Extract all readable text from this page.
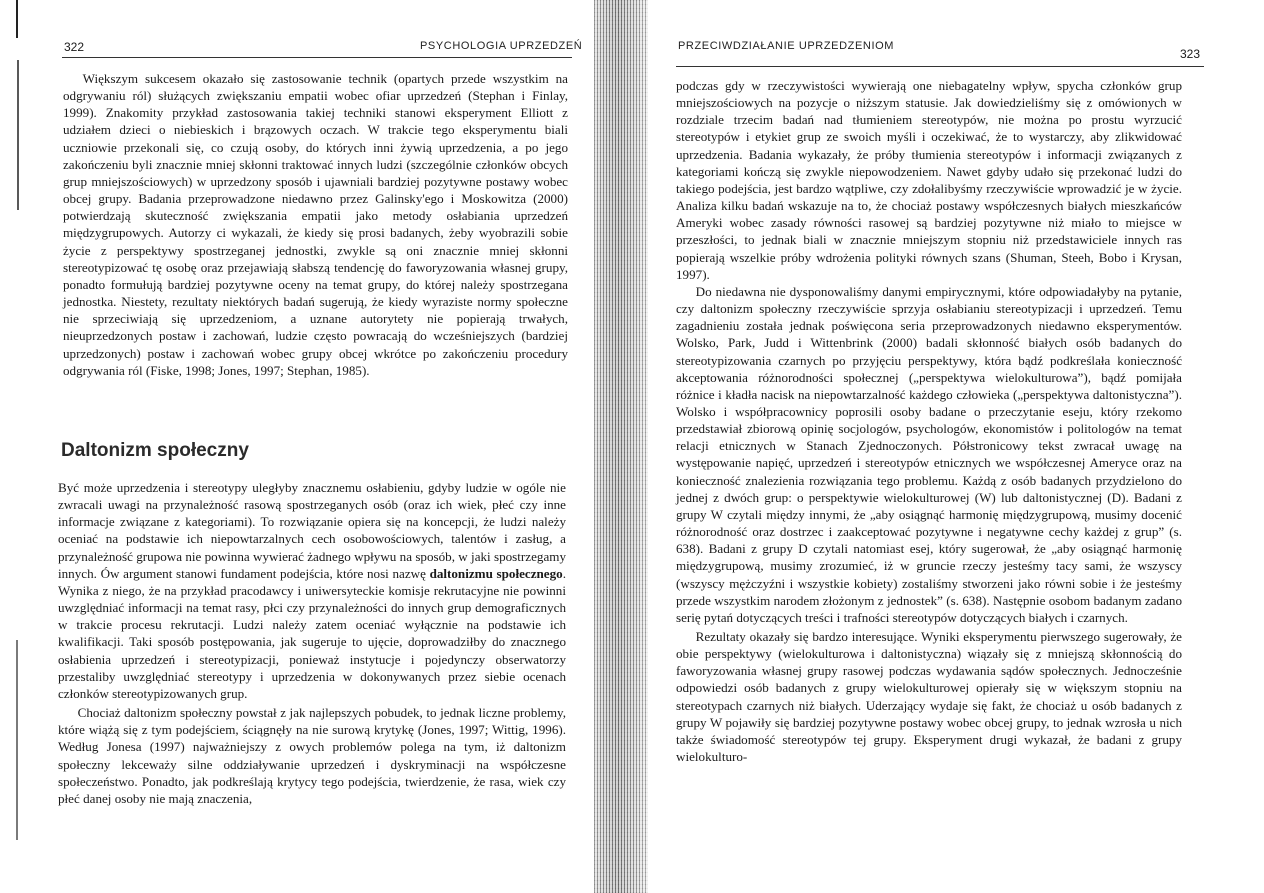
322	PSYCHOLOGIA UPRZEDZEŃ

Większym sukcesem okazało się zastosowanie technik (opartych przede wszystkim na odgrywaniu ról) służących zwiększaniu empatii wobec ofiar uprzedzeń (Stephan i Finlay, 1999). Znakomity przykład zastosowania takiej techniki stanowi eksperyment Elliott z udziałem dzieci o niebieskich i brązowych oczach. W trakcie tego eksperymentu biali uczniowie przekonali się, co czują osoby, do których inni żywią uprzedzenia, a po jego zakończeniu byli znacznie mniej skłonni traktować innych ludzi (szczególnie członków obcych grup mniejszościowych) w uprzedzony sposób i ujawniali bardziej pozytywne postawy wobec obcej grupy. Badania przeprowadzone niedawno przez Galinsky'ego i Moskowitza (2000) potwierdzają skuteczność zwiększania empatii jako metody osłabiania uprzedzeń międzygrupowych. Autorzy ci wykazali, że kiedy się prosi badanych, żeby wyobrazili sobie życie z perspektywy spostrzeganej jednostki, zwykle są oni znacznie mniej skłonni stereotypizować tę osobę oraz przejawiają słabszą tendencję do faworyzowania własnej grupy, ponadto formułują bardziej pozytywne oceny na temat grupy, do której należy spostrzegana jednostka. Niestety, rezultaty niektórych badań sugerują, że kiedy wyraziste normy społeczne nie sprzeciwiają się uprzedzeniom, a uznane autorytety nie popierają trwałych, nieuprzedzonych postaw i zachowań, ludzie często powracają do wcześniejszych (bardziej uprzedzonych) postaw i zachowań wobec grupy obcej wkrótce po zakończeniu procedury odgrywania ról (Fiske, 1998; Jones, 1997; Stephan, 1985).

Daltonizm społeczny

Być może uprzedzenia i stereotypy uległyby znacznemu osłabieniu, gdyby ludzie w ogóle nie zwracali uwagi na przynależność rasową spostrzeganych osób (oraz ich wiek, płeć czy inne informacje związane z kategoriami). To rozwiązanie opiera się na koncepcji, że ludzi należy oceniać na podstawie ich niepowtarzalnych cech osobowościowych, talentów i zasług, a przynależność grupowa nie powinna wywierać żadnego wpływu na sposób, w jaki spostrzegamy innych. Ów argument stanowi fundament podejścia, które nosi nazwę daltonizmu społecznego. Wynika z niego, że na przykład pracodawcy i uniwersyteckie komisje rekrutacyjne nie powinni uwzględniać informacji na temat rasy, płci czy przynależności do innych grup demograficznych w trakcie procesu rekrutacji. Ludzi należy zatem oceniać wyłącznie na podstawie ich kwalifikacji. Taki sposób postępowania, jak sugeruje to ujęcie, doprowadziłby do znacznego osłabienia uprzedzeń i stereotypizacji, ponieważ instytucje i pojedynczy obserwatorzy przestaliby uwzględniać stereotypy i uprzedzenia w dokonywanych przez siebie ocenach członków stereotypizowanych grup.

Chociaż daltonizm społeczny powstał z jak najlepszych pobudek, to jednak liczne problemy, które wiążą się z tym podejściem, ściągnęły na nie surową krytykę (Jones, 1997; Wittig, 1996). Według Jonesa (1997) najważniejszy z owych problemów polega na tym, iż daltonizm społeczny lekceważy silne oddziaływanie uprzedzeń i dyskryminacji na współczesne społeczeństwo. Ponadto, jak podkreślają krytycy tego podejścia, twierdzenie, że rasa, wiek czy płeć danej osoby nie mają znaczenia,

PRZECIWDZIAŁANIE UPRZEDZENIOM
323

podczas gdy w rzeczywistości wywierają one niebagatelny wpływ, spycha członków grup mniejszościowych na pozycje o niższym statusie. Jak dowiedzieliśmy się z omówionych w rozdziale trzecim badań nad tłumieniem stereotypów, nie można po prostu wyrzucić stereotypów i etykiet grup ze swoich myśli i oczekiwać, że to wystarczy, aby zlikwidować uprzedzenia. Badania wykazały, że próby tłumienia stereotypów i informacji związanych z kategoriami kończą się zwykle niepowodzeniem. Nawet gdyby udało się przekonać ludzi do takiego podejścia, jest bardzo wątpliwe, czy zdołalibyśmy rzeczywiście wprowadzić je w życie. Analiza kilku badań wskazuje na to, że chociaż postawy współczesnych białych mieszkańców Ameryki wobec zasady równości rasowej są bardziej pozytywne niż miało to miejsce w przeszłości, to jednak biali w znacznie mniejszym stopniu niż przedstawiciele innych ras popierają wszelkie próby wdrożenia polityki równych szans (Shuman, Steeh, Bobo i Krysan, 1997).

Do niedawna nie dysponowaliśmy danymi empirycznymi, które odpowiadałyby na pytanie, czy daltonizm społeczny rzeczywiście sprzyja osłabianiu stereotypizacji i uprzedzeń. Temu zagadnieniu została jednak poświęcona seria przeprowadzonych niedawno eksperymentów. Wolsko, Park, Judd i Wittenbrink (2000) badali skłonność białych osób badanych do stereotypizowania czarnych po przyjęciu perspektywy, która bądź podkreślała konieczność akceptowania różnorodności społecznej („perspektywa wielokulturowa”), bądź pomijała różnice i kładła nacisk na niepowtarzalność każdego człowieka („perspektywa daltonistyczna”). Wolsko i współpracownicy poprosili osoby badane o przeczytanie eseju, który rzekomo przedstawiał zbiorową opinię socjologów, psychologów, ekonomistów i politologów na temat relacji etnicznych w Stanach Zjednoczonych. Półstronicowy tekst zwracał uwagę na występowanie napięć, uprzedzeń i stereotypów etnicznych we współczesnej Ameryce oraz na konieczność znalezienia rozwiązania tego problemu. Każdą z osób badanych przydzielono do jednej z dwóch grup: o perspektywie wielokulturowej (W) lub daltonistycznej (D). Badani z grupy W czytali między innymi, że „aby osiągnąć harmonię międzygrupową, musimy docenić różnorodność oraz dostrzec i zaakceptować pozytywne i negatywne cechy każdej z grup” (s. 638). Badani z grupy D czytali natomiast esej, który sugerował, że „aby osiągnąć harmonię międzygrupową, musimy zrozumieć, iż w gruncie rzeczy jesteśmy tacy sami, że wszyscy (wszyscy mężczyźni i wszystkie kobiety) zostaliśmy stworzeni jako równi sobie i że jesteśmy przede wszystkim narodem złożonym z jednostek” (s. 638). Następnie osobom badanym zadano serię pytań dotyczących treści i trafności stereotypów dotyczących białych i czarnych.

Rezultaty okazały się bardzo interesujące. Wyniki eksperymentu pierwszego sugerowały, że obie perspektywy (wielokulturowa i daltonistyczna) wiązały się z mniejszą skłonnością do faworyzowania własnej grupy rasowej podczas wydawania sądów społecznych. Jednocześnie odpowiedzi osób badanych z grupy wielokulturowej opierały się w większym stopniu na stereotypach czarnych niż białych. Uderzający wydaje się fakt, że chociaż u osób badanych z grupy W pojawiły się bardziej pozytywne postawy wobec obcej grupy, to jednak wzrosła u nich także świadomość stereotypów tej grupy. Eksperyment drugi wykazał, że badani z grupy wielokulturo-
